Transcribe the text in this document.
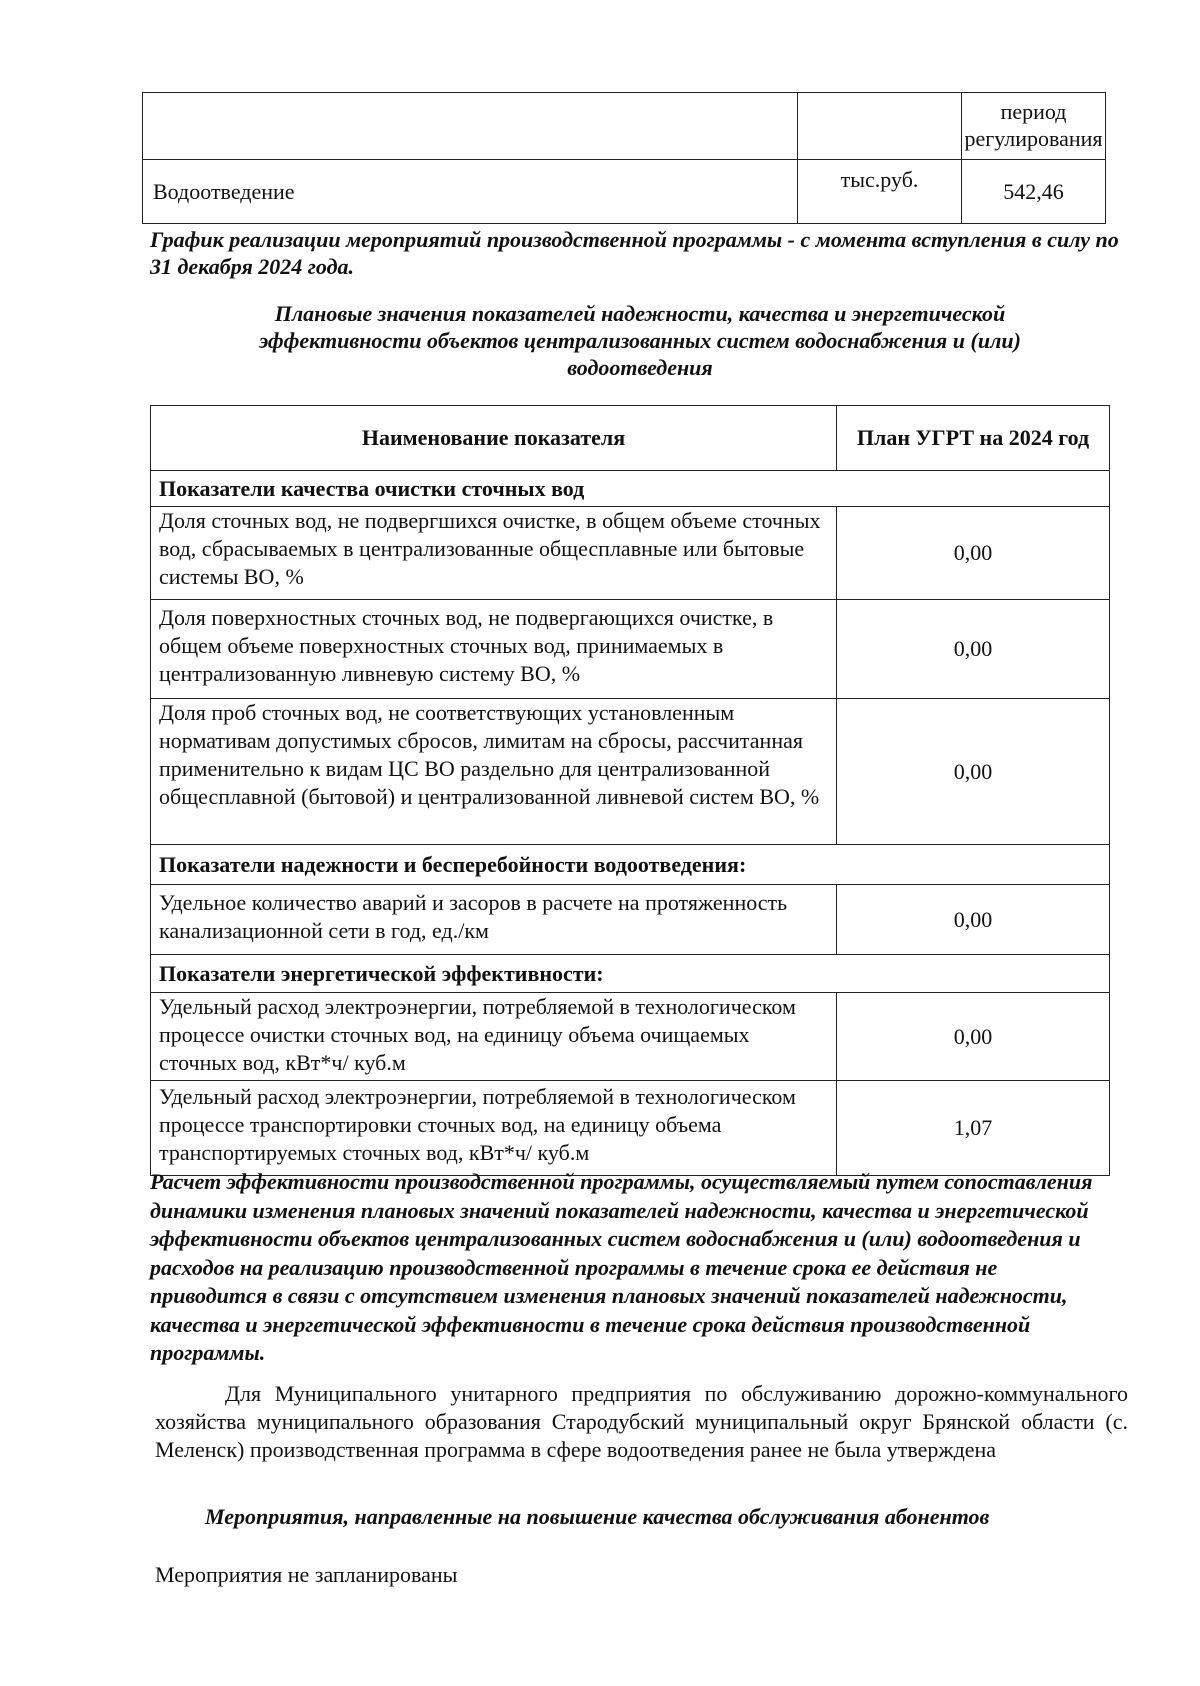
		период регулирования
Водоотведение	тыс.руб.	542,46
График реализации мероприятий производственной программы - с момента вступления в силу по 31 декабря 2024 года.
Плановые значения показателей надежности, качества и энергетической эффективности объектов централизованных систем водоснабжения и (или) водоотведения
Наименование показателя	План УГРТ на 2024 год
Показатели качества очистки сточных вод	
Доля сточных вод, не подвергшихся очистке, в общем объеме сточных вод, сбрасываемых в централизованные общесплавные или бытовые системы ВО, %	0,00
Доля поверхностных сточных вод, не подвергающихся очистке, в общем объеме поверхностных сточных вод, принимаемых в централизованную ливневую систему ВО, %	0,00
Доля проб сточных вод, не соответствующих установленным нормативам допустимых сбросов, лимитам на сбросы, рассчитанная применительно к видам ЦС ВО раздельно для централизованной общесплавной (бытовой) и централизованной ливневой систем ВО, %	0,00
Показатели надежности и бесперебойности водоотведения:	
Удельное количество аварий и засоров в расчете на протяженность канализационной сети в год, ед./км	0,00
Показатели энергетической эффективности:	
Удельный расход электроэнергии, потребляемой в технологическом процессе очистки сточных вод, на единицу объема очищаемых сточных вод, кВт*ч/ куб.м	0,00
Удельный расход электроэнергии, потребляемой в технологическом процессе транспортировки сточных вод, на единицу объема транспортируемых сточных вод, кВт*ч/ куб.м	1,07
Расчет эффективности производственной программы, осуществляемый путем сопоставления динамики изменения плановых значений показателей надежности, качества и энергетической эффективности объектов централизованных систем водоснабжения и (или) водоотведения и расходов на реализацию производственной программы в течение срока ее действия не приводится в связи с отсутствием изменения плановых значений показателей надежности, качества и энергетической эффективности в течение срока действия производственной программы.
Для Муниципального унитарного предприятия по обслуживанию дорожно-коммунального хозяйства муниципального образования Стародубский муниципальный округ Брянской области (с. Меленск) производственная программа в сфере водоотведения ранее не была утверждена
Мероприятия, направленные на повышение качества обслуживания абонентов
Мероприятия не запланированы
